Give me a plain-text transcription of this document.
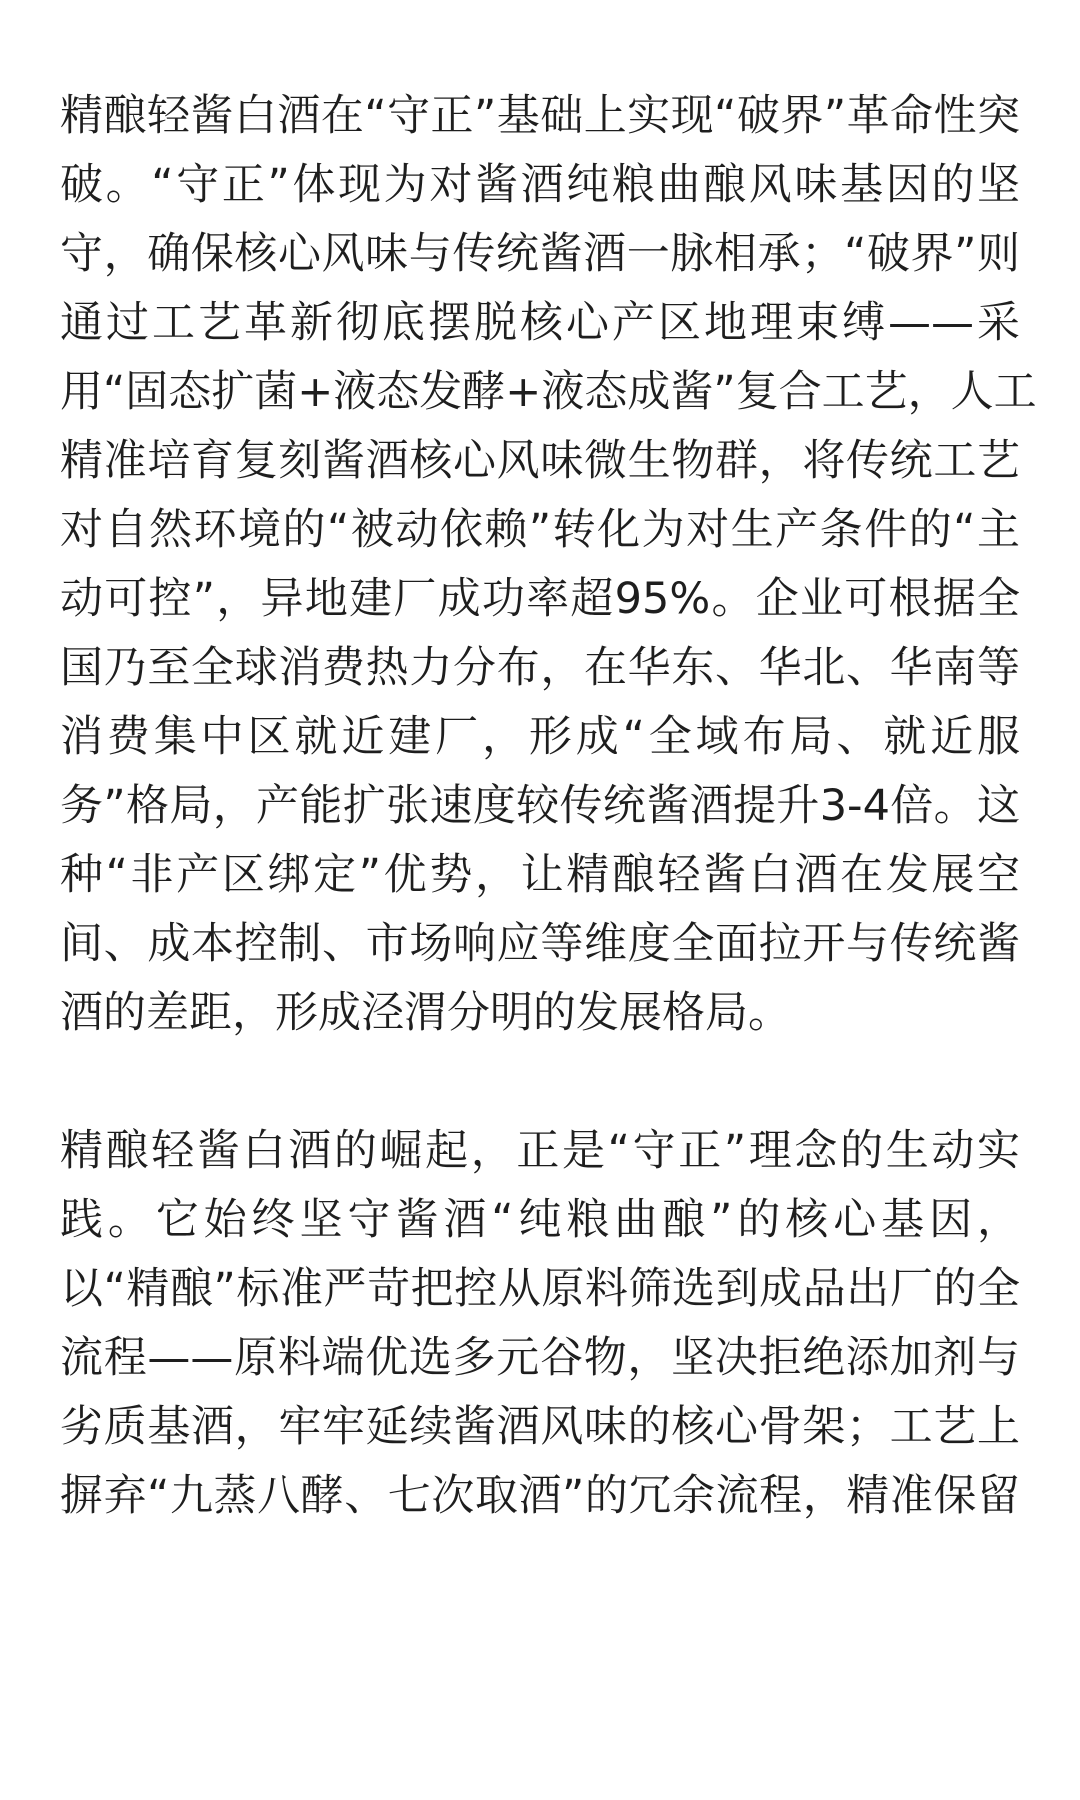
精酿轻酱白酒在“守正”基础上实现“破界”革命性突
破。“守正”体现为对酱酒纯粮曲酿风味基因的坚
守，确保核心风味与传统酱酒一脉相承；“破界”则
通过工艺革新彻底摆脱核心产区地理束缚——采
用“固态扩菌+液态发酵+液态成酱”复合工艺，人工
精准培育复刻酱酒核心风味微生物群，将传统工艺
对自然环境的“被动依赖”转化为对生产条件的“主
动可控”，异地建厂成功率超95%。企业可根据全
国乃至全球消费热力分布，在华东、华北、华南等
消费集中区就近建厂，形成“全域布局、就近服
务”格局，产能扩张速度较传统酱酒提升3-4倍。这
种“非产区绑定”优势，让精酿轻酱白酒在发展空
间、成本控制、市场响应等维度全面拉开与传统酱
酒的差距，形成泾渭分明的发展格局。

精酿轻酱白酒的崛起，正是“守正”理念的生动实
践。它始终坚守酱酒“纯粮曲酿”的核心基因，
以“精酿”标准严苛把控从原料筛选到成品出厂的全
流程——原料端优选多元谷物，坚决拒绝添加剂与
劣质基酒，牢牢延续酱酒风味的核心骨架；工艺上
摒弃“九蒸八酵、七次取酒”的冗余流程，精准保留
